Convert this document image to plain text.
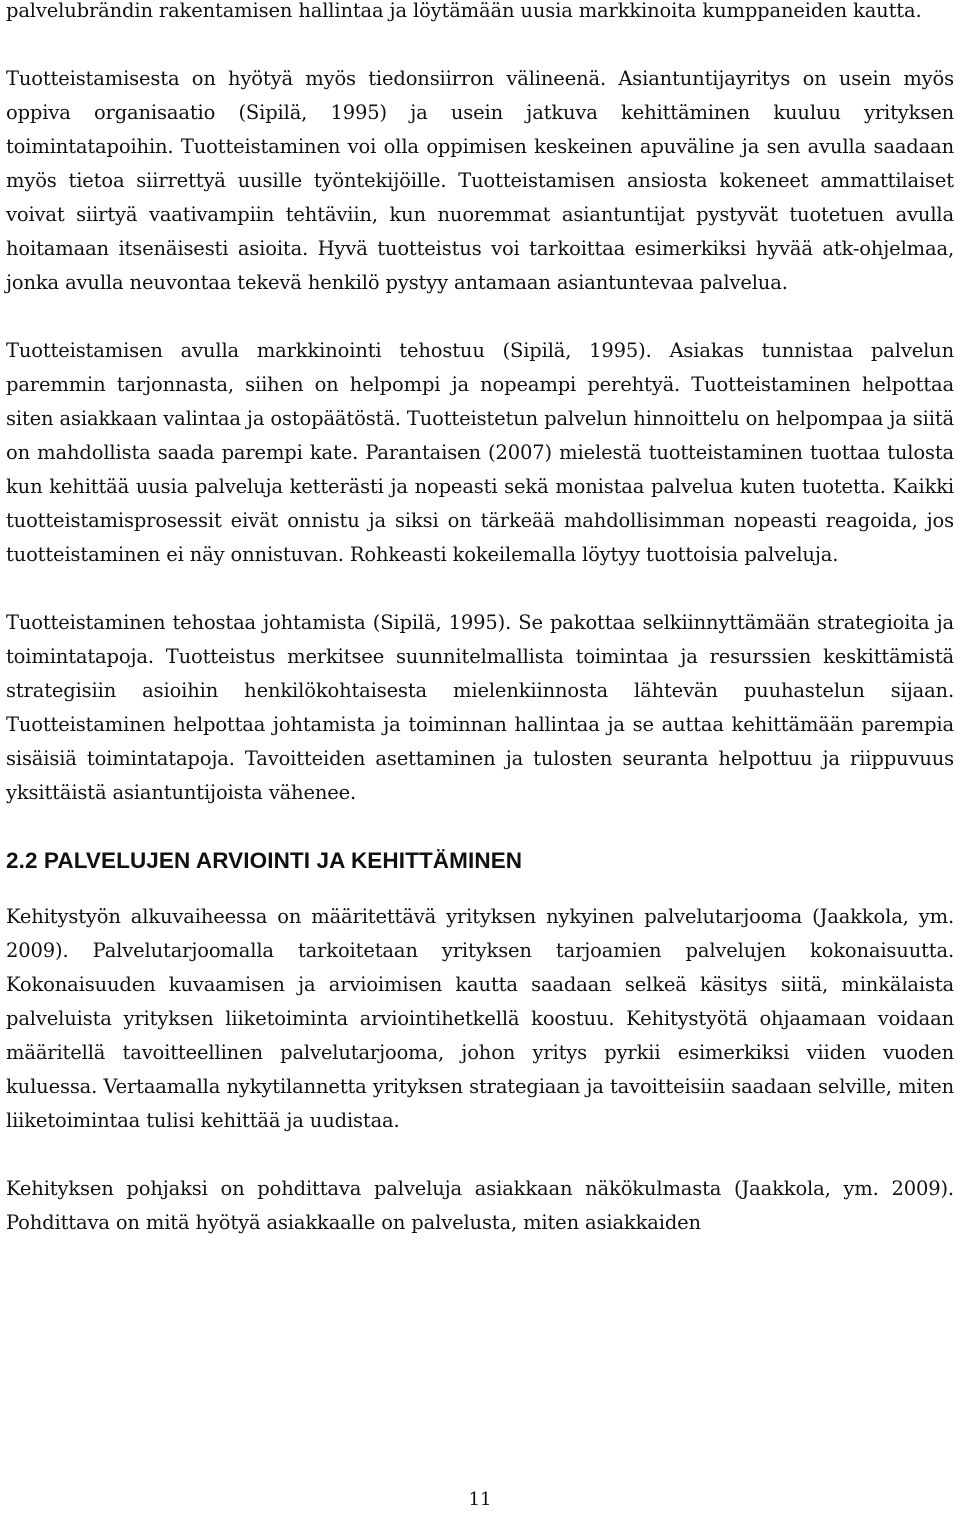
palvelubrändin rakentamisen hallintaa ja löytämään uusia markkinoita kumppaneiden kautta.

Tuotteistamisesta on hyötyä myös tiedonsiirron välineenä. Asiantuntijayritys on usein myös oppiva organisaatio (Sipilä, 1995) ja usein jatkuva kehittäminen kuuluu yrityksen toimintatapoihin. Tuotteistaminen voi olla oppimisen keskeinen apuväline ja sen avulla saadaan myös tietoa siirrettyä uusille työntekijöille. Tuotteistamisen ansiosta kokeneet ammattilaiset voivat siirtyä vaativampiin tehtäviin, kun nuoremmat asiantuntijat pystyvät tuotetuen avulla hoitamaan itsenäisesti asioita. Hyvä tuotteistus voi tarkoittaa esimerkiksi hyvää atk-ohjelmaa, jonka avulla neuvontaa tekevä henkilö pystyy antamaan asiantuntevaa palvelua.

Tuotteistamisen avulla markkinointi tehostuu (Sipilä, 1995). Asiakas tunnistaa palvelun paremmin tarjonnasta, siihen on helpompi ja nopeampi perehtyä. Tuotteistaminen helpottaa siten asiakkaan valintaa ja ostopäätöstä. Tuotteistetun palvelun hinnoittelu on helpompaa ja siitä on mahdollista saada parempi kate. Parantaisen (2007) mielestä tuotteistaminen tuottaa tulosta kun kehittää uusia palveluja ketterästi ja nopeasti sekä monistaa palvelua kuten tuotetta. Kaikki tuotteistamisprosessit eivät onnistu ja siksi on tärkeää mahdollisimman nopeasti reagoida, jos tuotteistaminen ei näy onnistuvan. Rohkeasti kokeilemalla löytyy tuottoisia palveluja.

Tuotteistaminen tehostaa johtamista (Sipilä, 1995). Se pakottaa selkiinnyttämään strategioita ja toimintatapoja. Tuotteistus merkitsee suunnitelmallista toimintaa ja resurssien keskittämistä strategisiin asioihin henkilökohtaisesta mielenkiinnosta lähtevän puuhastelun sijaan. Tuotteistaminen helpottaa johtamista ja toiminnan hallintaa ja se auttaa kehittämään parempia sisäisiä toimintatapoja. Tavoitteiden asettaminen ja tulosten seuranta helpottuu ja riippuvuus yksittäistä asiantuntijoista vähenee.

2.2 PALVELUJEN ARVIOINTI JA KEHITTÄMINEN

Kehitystyön alkuvaiheessa on määritettävä yrityksen nykyinen palvelutarjooma (Jaakkola, ym. 2009). Palvelutarjoomalla tarkoitetaan yrityksen tarjoamien palvelujen kokonaisuutta. Kokonaisuuden kuvaamisen ja arvioimisen kautta saadaan selkeä käsitys siitä, minkälaista palveluista yrityksen liiketoiminta arviointihetkellä koostuu. Kehitystyötä ohjaamaan voidaan määritellä tavoitteellinen palvelutarjooma, johon yritys pyrkii esimerkiksi viiden vuoden kuluessa. Vertaamalla nykytilannetta yrityksen strategiaan ja tavoitteisiin saadaan selville, miten liiketoimintaa tulisi kehittää ja uudistaa.

Kehityksen pohjaksi on pohdittava palveluja asiakkaan näkökulmasta (Jaakkola, ym. 2009). Pohdittava on mitä hyötyä asiakkaalle on palvelusta, miten asiakkaiden

11
